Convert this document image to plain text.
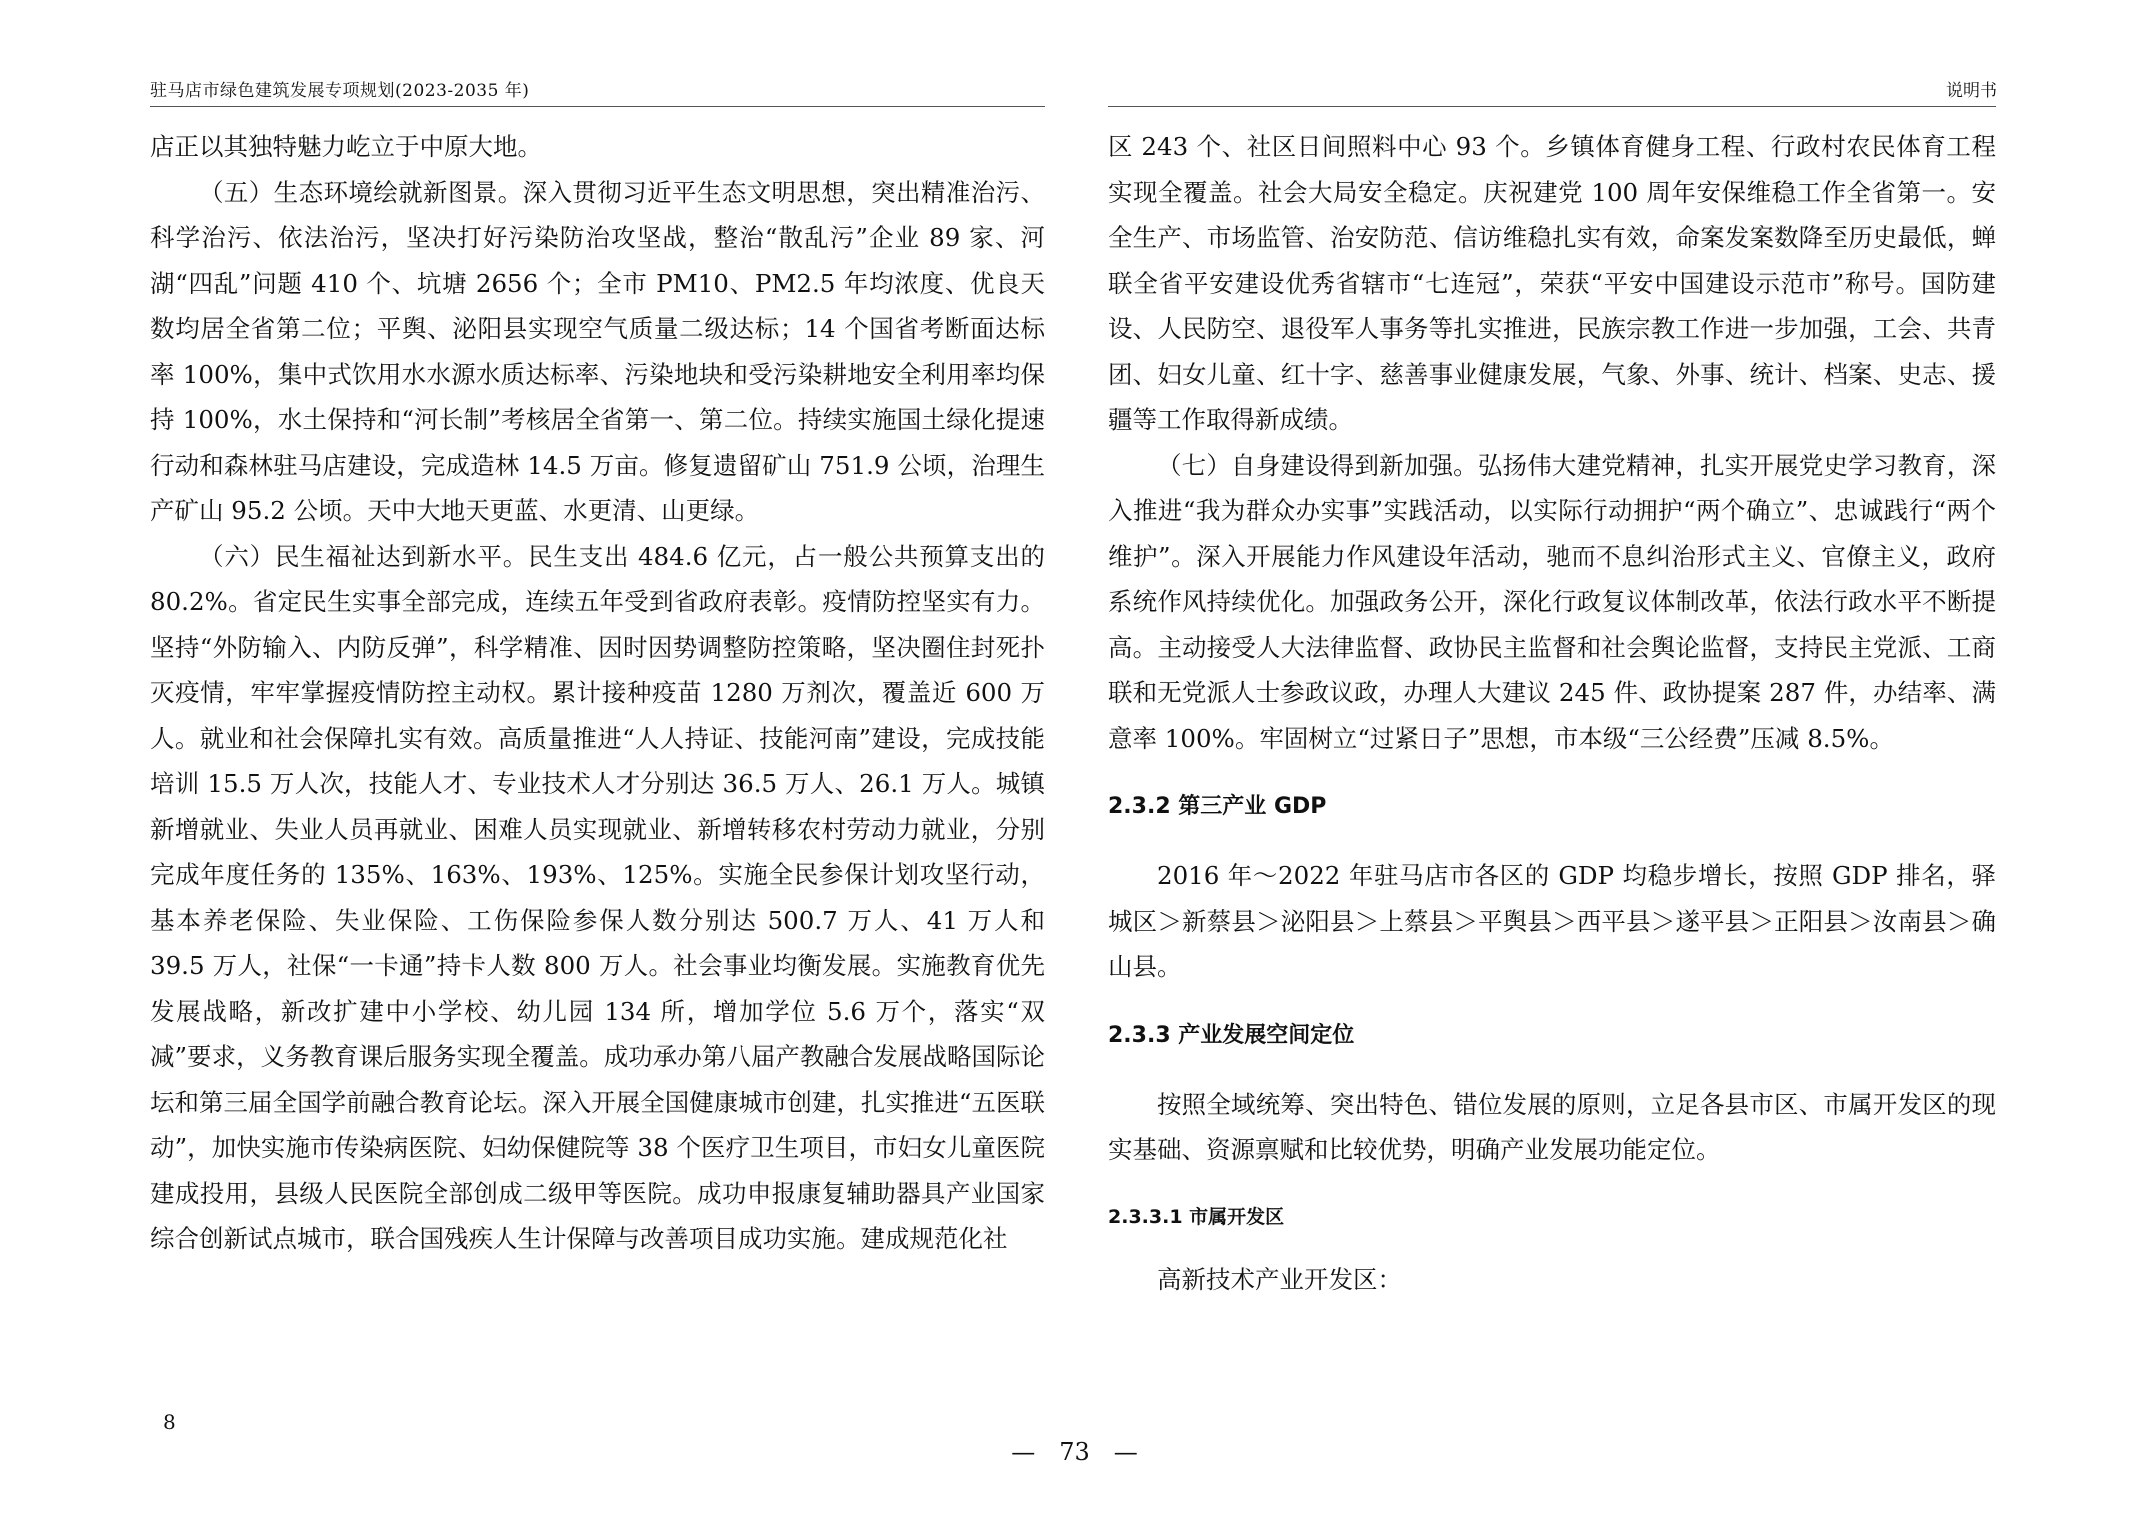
驻马店市绿色建筑发展专项规划(2023-2035 年)	说明书

店正以其独特魅力屹立于中原大地。

（五）生态环境绘就新图景。深入贯彻习近平生态文明思想，突出精准治污、科学治污、依法治污，坚决打好污染防治攻坚战，整治“散乱污”企业 89 家、河湖“四乱”问题 410 个、坑塘 2656 个；全市 PM10、PM2.5 年均浓度、优良天数均居全省第二位；平舆、泌阳县实现空气质量二级达标；14 个国省考断面达标率 100%，集中式饮用水水源水质达标率、污染地块和受污染耕地安全利用率均保持 100%，水土保持和“河长制”考核居全省第一、第二位。持续实施国土绿化提速行动和森林驻马店建设，完成造林 14.5 万亩。修复遗留矿山 751.9 公顷，治理生产矿山 95.2 公顷。天中大地天更蓝、水更清、山更绿。

（六）民生福祉达到新水平。民生支出 484.6 亿元，占一般公共预算支出的 80.2%。省定民生实事全部完成，连续五年受到省政府表彰。疫情防控坚实有力。坚持“外防输入、内防反弹”，科学精准、因时因势调整防控策略，坚决圈住封死扑灭疫情，牢牢掌握疫情防控主动权。累计接种疫苗 1280 万剂次，覆盖近 600 万人。就业和社会保障扎实有效。高质量推进“人人持证、技能河南”建设，完成技能培训 15.5 万人次，技能人才、专业技术人才分别达 36.5 万人、26.1 万人。城镇新增就业、失业人员再就业、困难人员实现就业、新增转移农村劳动力就业，分别完成年度任务的 135%、163%、193%、125%。实施全民参保计划攻坚行动，基本养老保险、失业保险、工伤保险参保人数分别达 500.7 万人、41 万人和 39.5 万人，社保“一卡通”持卡人数 800 万人。社会事业均衡发展。实施教育优先发展战略，新改扩建中小学校、幼儿园 134 所，增加学位 5.6 万个，落实“双减”要求，义务教育课后服务实现全覆盖。成功承办第八届产教融合发展战略国际论坛和第三届全国学前融合教育论坛。深入开展全国健康城市创建，扎实推进“五医联动”，加快实施市传染病医院、妇幼保健院等 38 个医疗卫生项目，市妇女儿童医院建成投用，县级人民医院全部创成二级甲等医院。成功申报康复辅助器具产业国家综合创新试点城市，联合国残疾人生计保障与改善项目成功实施。建成规范化社

区 243 个、社区日间照料中心 93 个。乡镇体育健身工程、行政村农民体育工程实现全覆盖。社会大局安全稳定。庆祝建党 100 周年安保维稳工作全省第一。安全生产、市场监管、治安防范、信访维稳扎实有效，命案发案数降至历史最低，蝉联全省平安建设优秀省辖市“七连冠”，荣获“平安中国建设示范市”称号。国防建设、人民防空、退役军人事务等扎实推进，民族宗教工作进一步加强，工会、共青团、妇女儿童、红十字、慈善事业健康发展，气象、外事、统计、档案、史志、援疆等工作取得新成绩。

（七）自身建设得到新加强。弘扬伟大建党精神，扎实开展党史学习教育，深入推进“我为群众办实事”实践活动，以实际行动拥护“两个确立”、忠诚践行“两个维护”。深入开展能力作风建设年活动，驰而不息纠治形式主义、官僚主义，政府系统作风持续优化。加强政务公开，深化行政复议体制改革，依法行政水平不断提高。主动接受人大法律监督、政协民主监督和社会舆论监督，支持民主党派、工商联和无党派人士参政议政，办理人大建议 245 件、政协提案 287 件，办结率、满意率 100%。牢固树立“过紧日子”思想，市本级“三公经费”压减 8.5%。

2.3.2 第三产业 GDP

2016 年～2022 年驻马店市各区的 GDP 均稳步增长，按照 GDP 排名，驿城区＞新蔡县＞泌阳县＞上蔡县＞平舆县＞西平县＞遂平县＞正阳县＞汝南县＞确山县。

2.3.3 产业发展空间定位

按照全域统筹、突出特色、错位发展的原则，立足各县市区、市属开发区的现实基础、资源禀赋和比较优势，明确产业发展功能定位。

2.3.3.1 市属开发区

高新技术产业开发区：

8
—　73　—
